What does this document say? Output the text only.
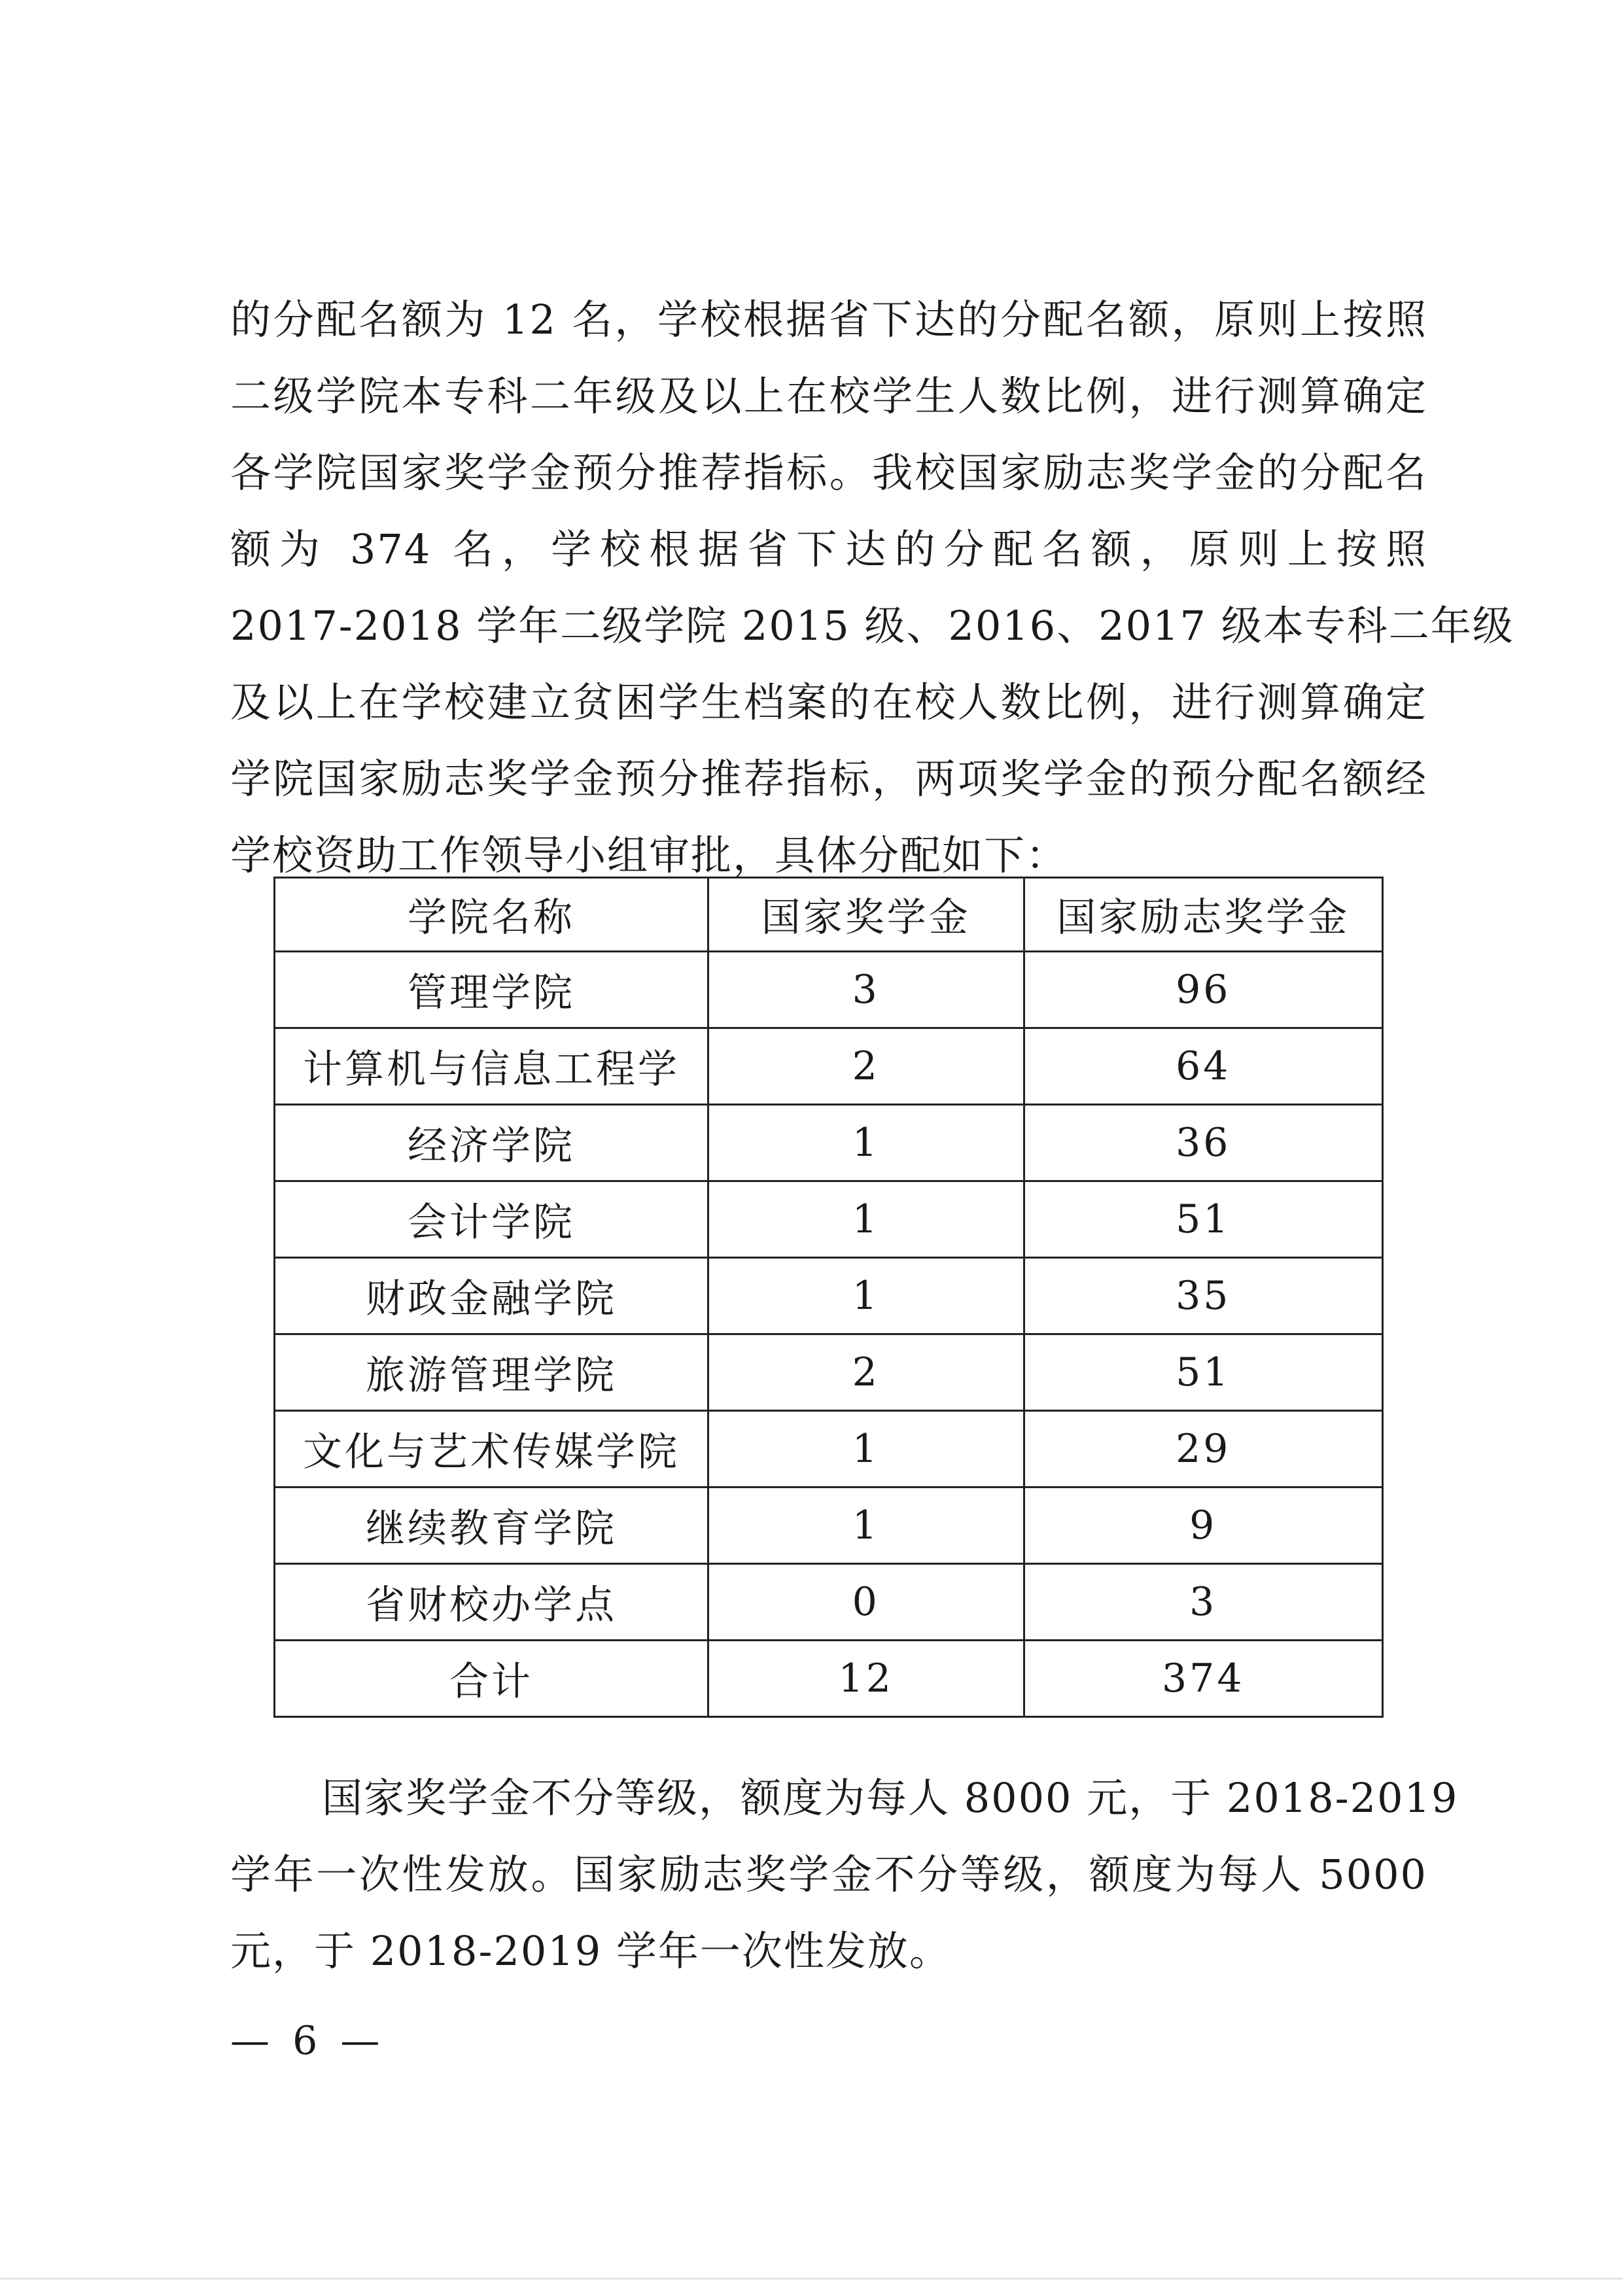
的分配名额为 12 名，学校根据省下达的分配名额，原则上按照
二级学院本专科二年级及以上在校学生人数比例，进行测算确定
各学院国家奖学金预分推荐指标。我校国家励志奖学金的分配名
额为 374 名，学校根据省下达的分配名额，原则上按照
2017-2018 学年二级学院 2015 级、2016、2017 级本专科二年级
及以上在学校建立贫困学生档案的在校人数比例，进行测算确定
学院国家励志奖学金预分推荐指标，两项奖学金的预分配名额经
学校资助工作领导小组审批，具体分配如下：
学院名称	国家奖学金	国家励志奖学金
管理学院	3	96
计算机与信息工程学	2	64
经济学院	1	36
会计学院	1	51
财政金融学院	1	35
旅游管理学院	2	51
文化与艺术传媒学院	1	29
继续教育学院	1	9
省财校办学点	0	3
合计	12	374
国家奖学金不分等级，额度为每人 8000 元，于 2018-2019
学年一次性发放。国家励志奖学金不分等级，额度为每人 5000
元，于 2018-2019 学年一次性发放。
— 6 —
